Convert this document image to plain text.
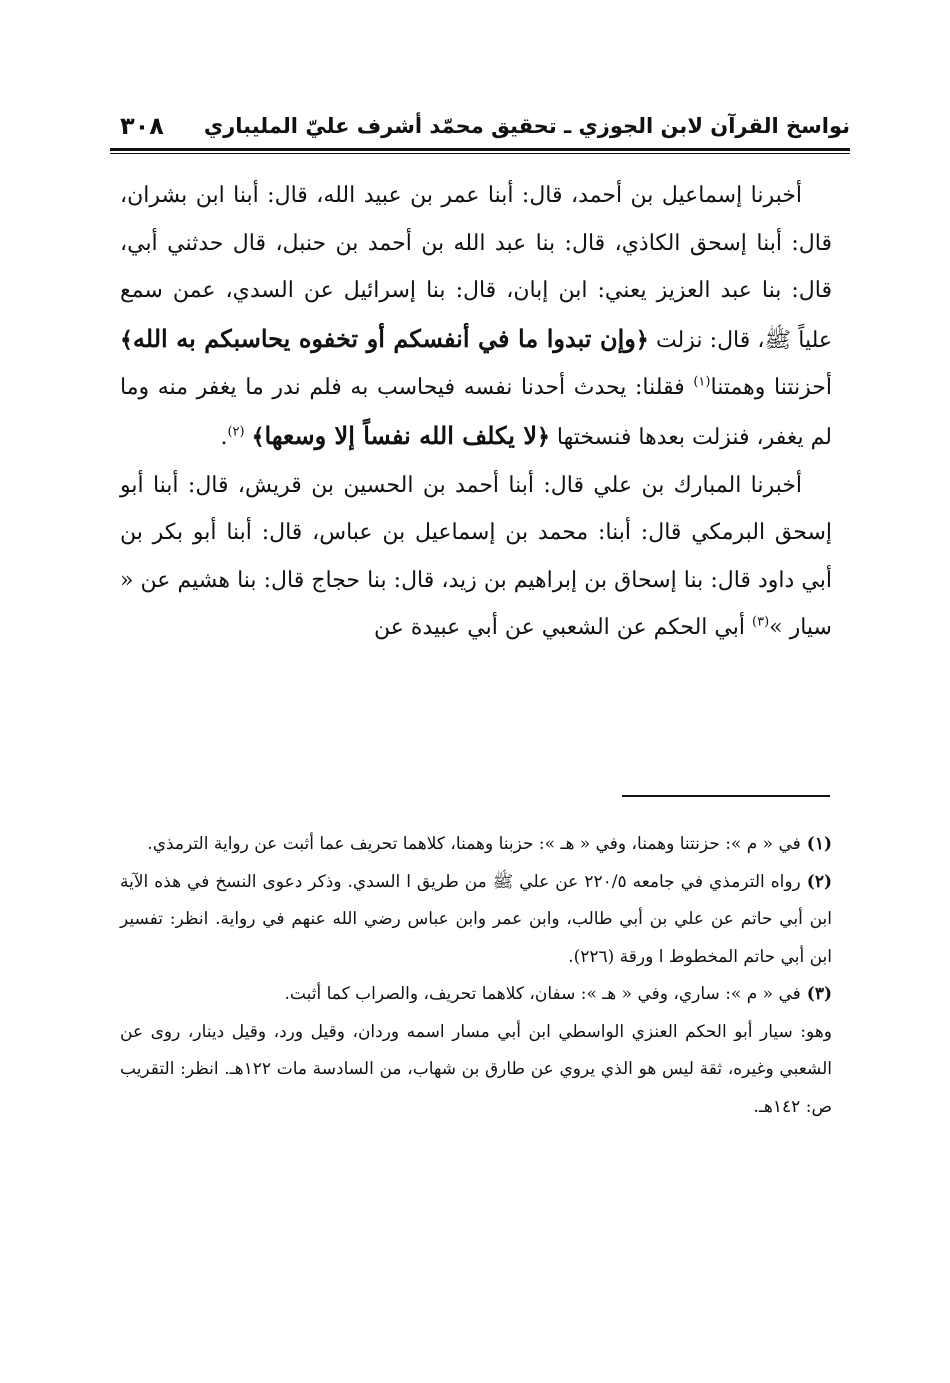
نواسخ القرآن لابن الجوزي ـ تحقيق محمّد أشرف عليّ المليباري
٣٠٨

أخبرنا إسماعيل بن أحمد، قال: أبنا عمر بن عبيد الله، قال: أبنا ابن بشران، قال: أبنا إسحق الكاذي، قال: بنا عبد الله بن أحمد بن حنبل، قال حدثني أبي، قال: بنا عبد العزيز يعني: ابن إبان، قال: بنا إسرائيل عن السدي، عمن سمع علياً ﷺ، قال: نزلت ﴿وإن تبدوا ما في أنفسكم أو تخفوه يحاسبكم به الله﴾ أحزنتنا وهمتنا$^{(١)}$ فقلنا: يحدث أحدنا نفسه فيحاسب به فلم ندر ما يغفر منه وما لم يغفر، فنزلت بعدها فنسختها ﴿لا يكلف الله نفساً إلا وسعها﴾ $^{(٢)}$.

أخبرنا المبارك بن علي قال: أبنا أحمد بن الحسين بن قريش، قال: أبنا أبو إسحق البرمكي قال: أبنا: محمد بن إسماعيل بن عباس، قال: أبنا أبو بكر بن أبي داود قال: بنا إسحاق بن إبراهيم بن زيد، قال: بنا حجاج قال: بنا هشيم عن « سيار »$^{(٣)}$ أبي الحكم عن الشعبي عن أبي عبيدة عن

(١)في « م »: حزنتنا وهمنا، وفي « هـ »: حزبنا وهمنا، كلاهما تحريف عما أثبت عن رواية الترمذي.

(٢)رواه الترمذي في جامعه ٢٢٠/٥ عن علي ﷺ من طريق ا السدي. وذكر دعوى النسخ في هذه الآية ابن أبي حاتم عن علي بن أبي طالب، وابن عمر وابن عباس رضي الله عنهم في رواية. انظر: تفسير ابن أبي حاتم المخطوط ا ورقة (٢٢٦).

(٣)في « م »: ساري، وفي « هـ »: سفان، كلاهما تحريف، والصراب كما أثبت.

وهو: سيار أبو الحكم العنزي الواسطي ابن أبي مسار اسمه وردان، وقيل ورد، وقيل دينار، روى عن الشعبي وغيره، ثقة ليس هو الذي يروي عن طارق بن شهاب، من السادسة مات ١٢٢هـ. انظر: التقريب ص: ١٤٢هـ.
